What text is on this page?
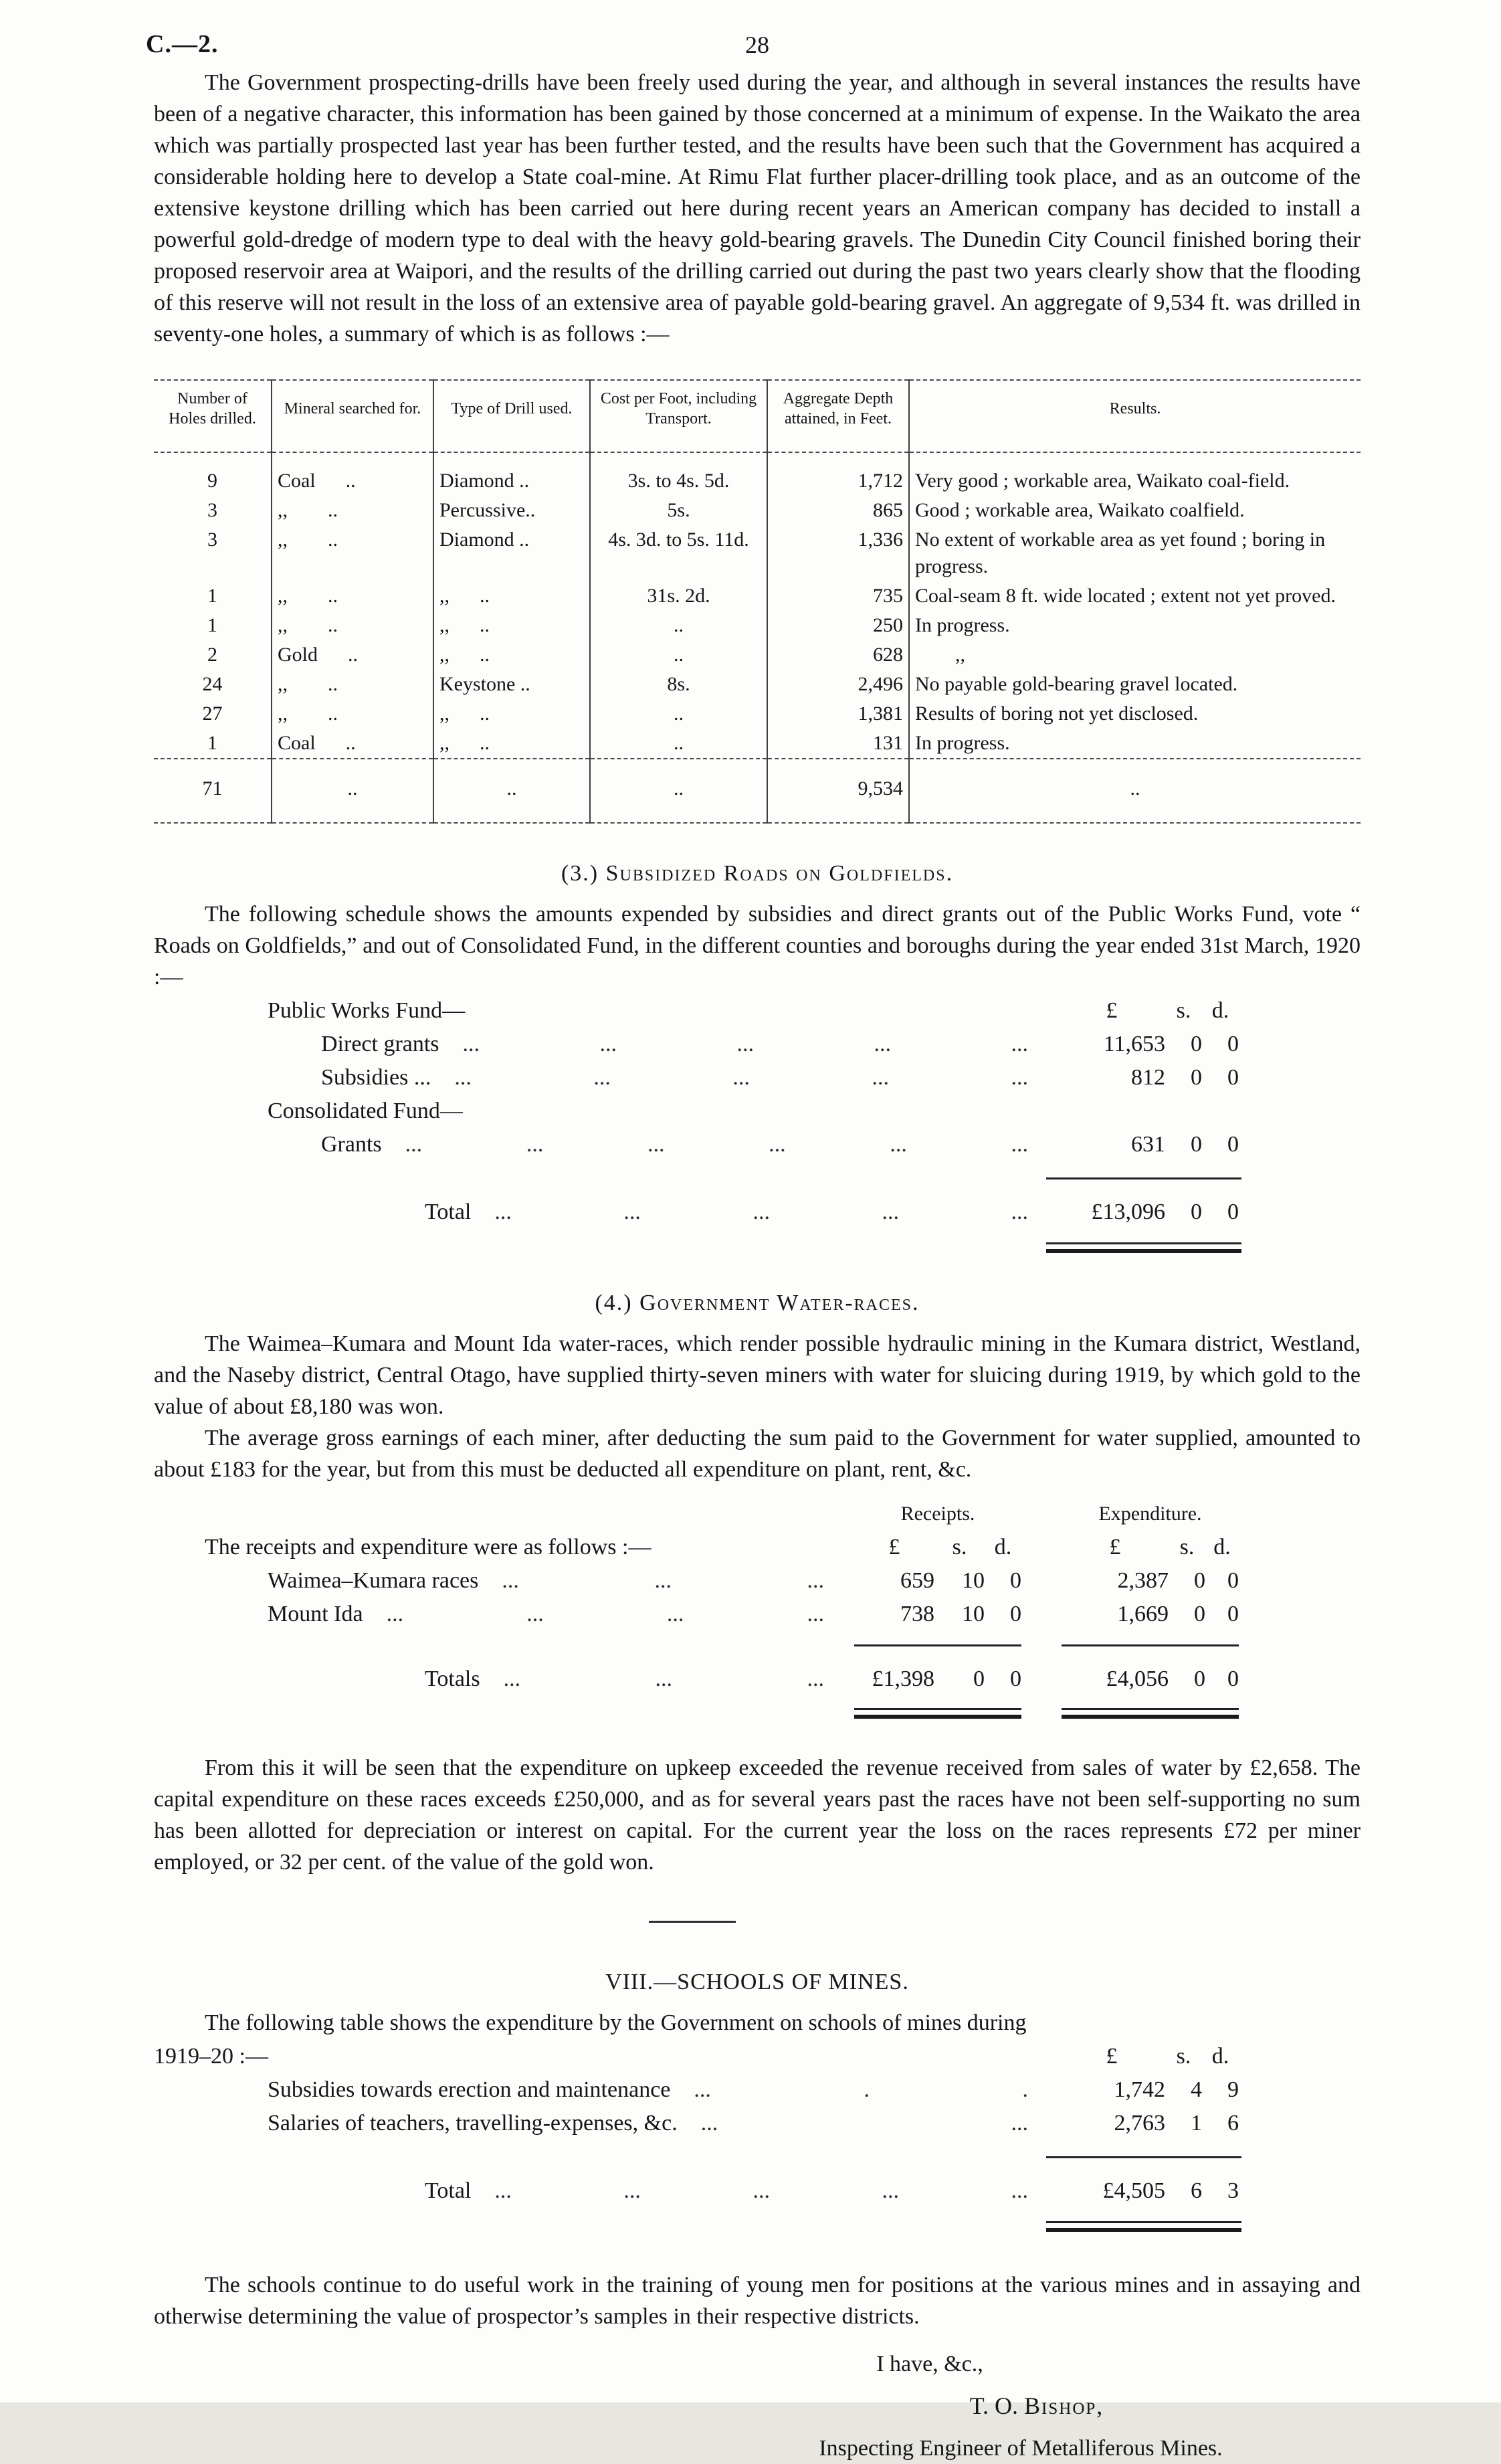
C.—2.	28

The Government prospecting-drills have been freely used during the year, and although in several instances the results have been of a negative character, this information has been gained by those concerned at a minimum of expense. In the Waikato the area which was partially prospected last year has been further tested, and the results have been such that the Government has acquired a considerable holding here to develop a State coal-mine. At Rimu Flat further placer-drilling took place, and as an outcome of the extensive keystone drilling which has been carried out here during recent years an American company has decided to install a powerful gold-dredge of modern type to deal with the heavy gold-bearing gravels. The Dunedin City Council finished boring their proposed reservoir area at Waipori, and the results of the drilling carried out during the past two years clearly show that the flooding of this reserve will not result in the loss of an extensive area of payable gold-bearing gravel. An aggregate of 9,534 ft. was drilled in seventy-one holes, a summary of which is as follows :—

Number of Holes drilled.	Mineral searched for.	Type of Drill used.	Cost per Foot, including Transport.	Aggregate Depth attained, in Feet.	Results.
9	Coal  ..	Diamond ..	3s. to 4s. 5d.	1,712	Very good ; workable area, Waikato coal-field.
3	,,  ..	Percussive..	5s.	865	Good ; workable area, Waikato coalfield.
3	,,  ..	Diamond ..	4s. 3d. to 5s. 11d.	1,336	No extent of workable area as yet found ; boring in progress.
1	,,  ..	,,  ..	31s. 2d.	735	Coal-seam 8 ft. wide located ; extent not yet proved.
1	,,  ..	,,  ..	..	250	In progress.
2	Gold  ..	,,  ..	..	628	  ,,
24	,,  ..	Keystone ..	8s.	2,496	No payable gold-bearing gravel located.
27	,,  ..	,,  ..	..	1,381	Results of boring not yet disclosed.
1	Coal  ..	,,  ..	..	131	In progress.
71	..	..	..	9,534	..
(3.) Subsidized Roads on Goldfields.

The following schedule shows the amounts expended by subsidies and direct grants out of the Public Works Fund, vote “ Roads on Goldfields,” and out of Consolidated Fund, in the different counties and boroughs during the year ended 31st March, 1920 :—

Public Works Fund—	£	s. d.
Direct grants ... ... ... ... ...	11,653	0	0
Subsidies ... ... ... ... ... ...	812	0	0
Consolidated Fund—
Grants ... ... ... ... ... ...	631	0	0
Total ... ... ... ... ...	£13,096	0	0
(4.) Government Water-races.

The Waimea–Kumara and Mount Ida water-races, which render possible hydraulic mining in the Kumara district, Westland, and the Naseby district, Central Otago, have supplied thirty-seven miners with water for sluicing during 1919, by which gold to the value of about £8,180 was won.

The average gross earnings of each miner, after deducting the sum paid to the Government for water supplied, amounted to about £183 for the year, but from this must be deducted all expenditure on plant, rent, &c.

Receipts.	Expenditure.
The receipts and expenditure were as follows :—	£	s.	d.	£	s. d.
Waimea–Kumara races ... ... ...	659	10	0	2,387	0 0
Mount Ida ... ... ... ...	738	10	0	1,669	0 0
Totals ... ... ...	£1,398	0	0	£4,056	0 0

From this it will be seen that the expenditure on upkeep exceeded the revenue received from sales of water by £2,658. The capital expenditure on these races exceeds £250,000, and as for several years past the races have not been self-supporting no sum has been allotted for depreciation or interest on capital. For the current year the loss on the races represents £72 per miner employed, or 32 per cent. of the value of the gold won.

VIII.—SCHOOLS OF MINES.

The following table shows the expenditure by the Government on schools of mines during

1919–20 :—	£	s. d.
Subsidies towards erection and maintenance ... . .	1,742	4	9
Salaries of teachers, travelling-expenses, &c. ... ...	2,763	1	6
Total ... ... ... ... ...	£4,505	6	3

The schools continue to do useful work in the training of young men for positions at the various mines and in assaying and otherwise determining the value of prospector’s samples in their respective districts.

I have, &c.,
T. O. Bishop,
Inspecting Engineer of Metalliferous Mines.
